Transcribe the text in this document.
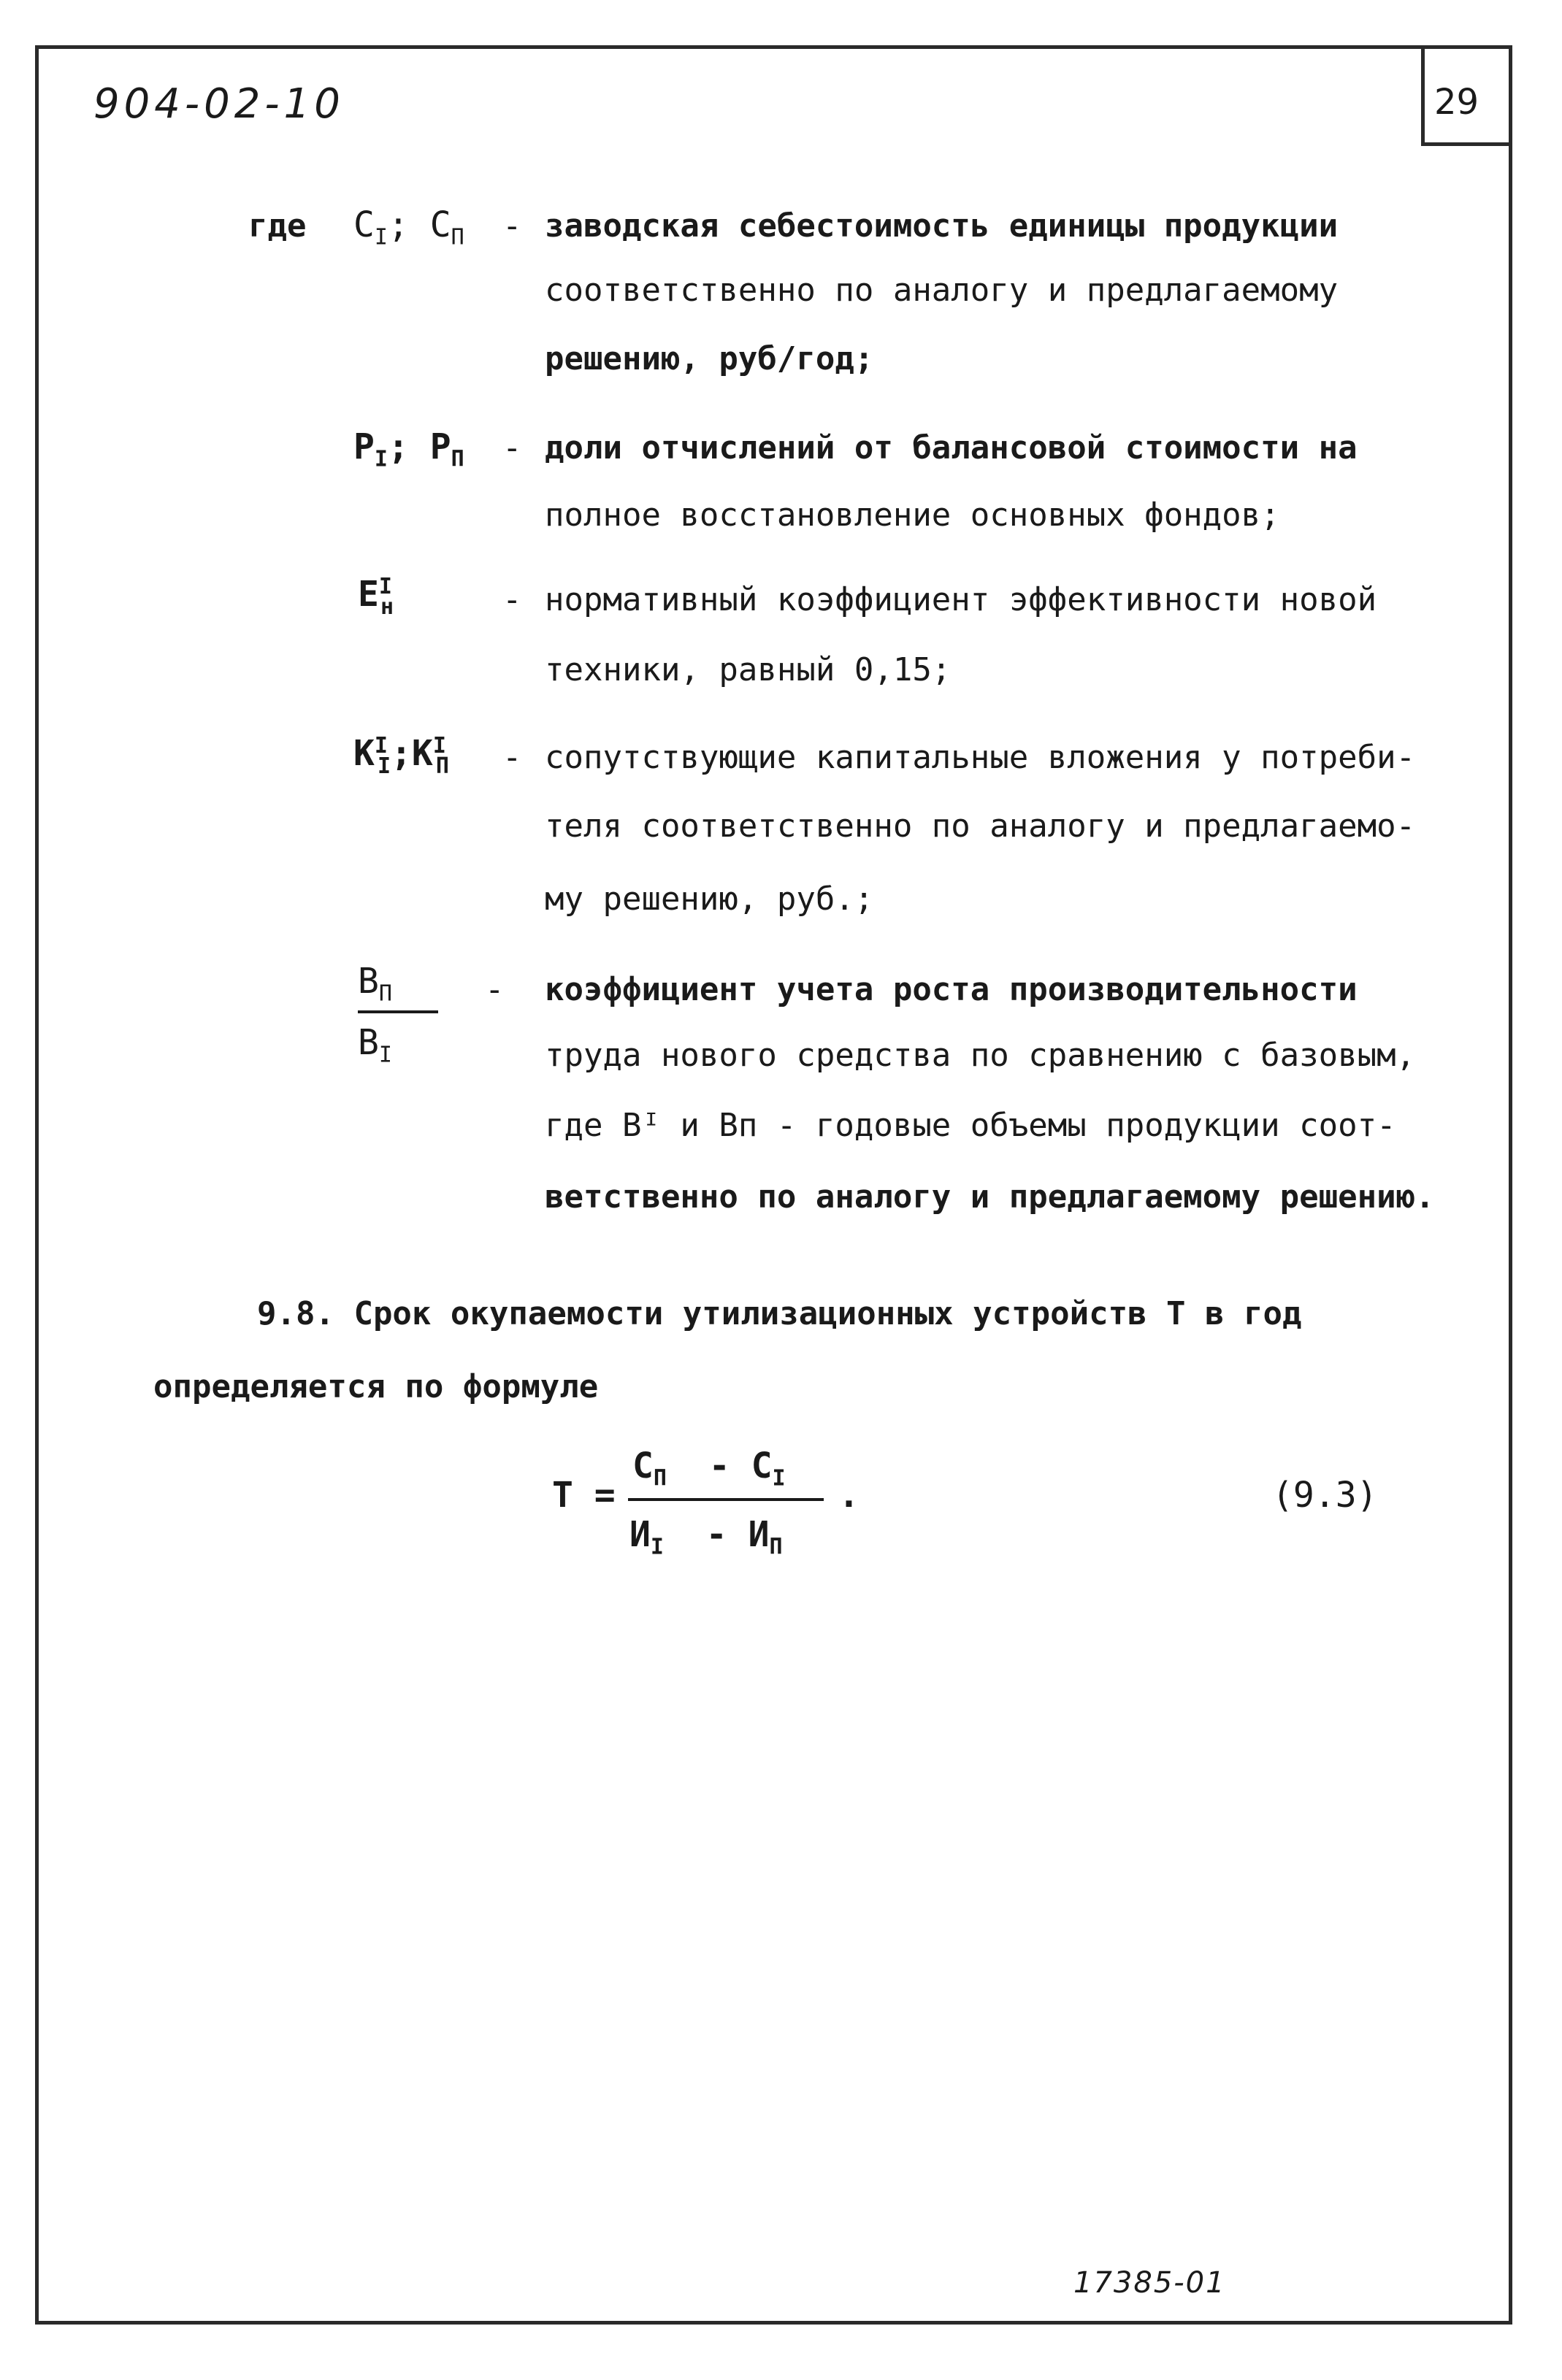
29
904-02-10
где $C_I$; $C_П$ - заводская себестоимость единицы продукции
соответственно по аналогу и предлагаемому
решению, руб/год;
$P_I$; $P_П$ - доли отчислений от балансовой стоимости на
полное восстановление основных фондов;
$E^I_н$	- нормативный коэффициент эффективности новой
техники, равный 0,15;
$K^I_I;K^I_П$ - сопутствующие капитальные вложения у потреби-
теля соответственно по аналогу и предлагаемо-
му решению, руб.;
$B_П$
$B_I$
- коэффициент учета роста производительности
труда нового средства по сравнению с базовым,
где Bᴵ и Bп - годовые объемы продукции соот-
ветственно по аналогу и предлагаемому решению.
9.8. Срок окупаемости утилизационных устройств T в год
определяется по формуле
T =
$C_П - C_I$
$И_I - И_П$
.	(9.3)
17385-01
